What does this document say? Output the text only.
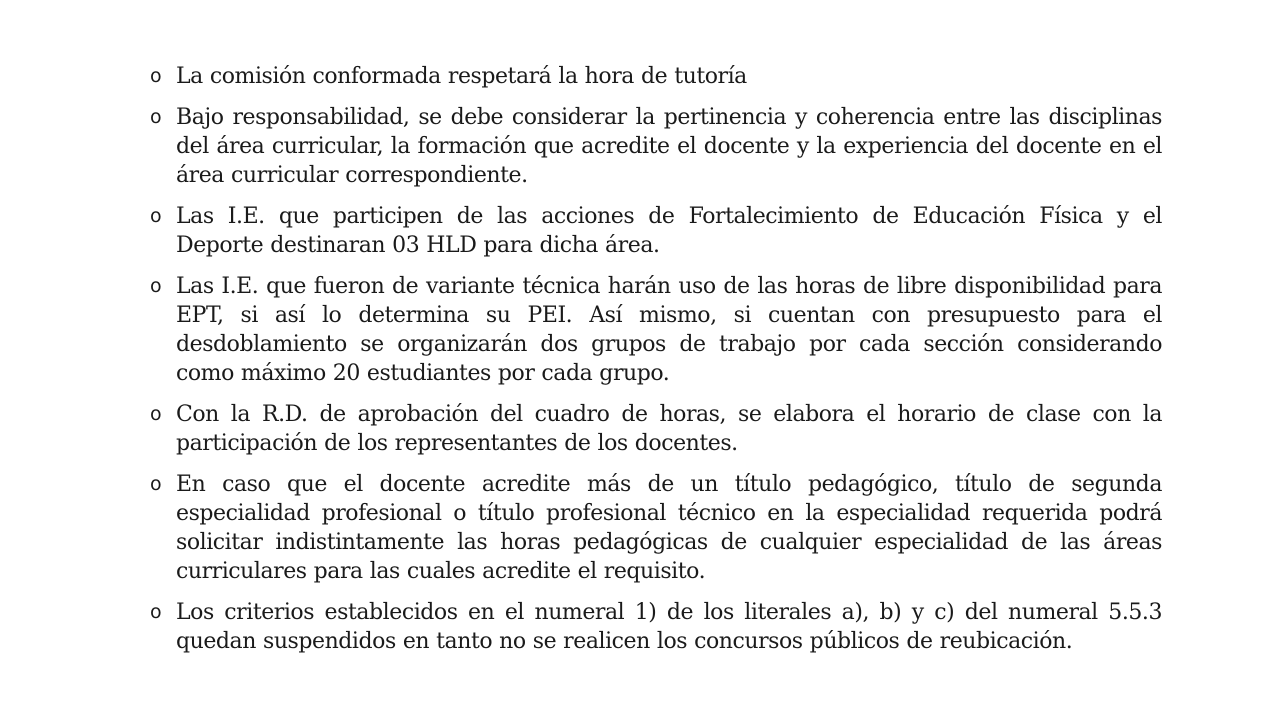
o La comisión conformada respetará la hora de tutoría
o Bajo responsabilidad, se debe considerar la pertinencia y coherencia entre las disciplinas del área curricular, la formación que acredite el docente y la experiencia del docente en el área curricular correspondiente.
o Las I.E. que participen de las acciones de Fortalecimiento de Educación Física y el Deporte destinaran 03 HLD para dicha área.
o Las I.E. que fueron de variante técnica harán uso de las horas de libre disponibilidad para EPT, si así lo determina su PEI. Así mismo, si cuentan con presupuesto para el desdoblamiento se organizarán dos grupos de trabajo por cada sección considerando como máximo 20 estudiantes por cada grupo.
o Con la R.D. de aprobación del cuadro de horas, se elabora el horario de clase con la participación de los representantes de los docentes.
o En caso que el docente acredite más de un título pedagógico, título de segunda especialidad profesional o título profesional técnico en la especialidad requerida podrá solicitar indistintamente las horas pedagógicas de cualquier especialidad de las áreas curriculares para las cuales acredite el requisito.
o Los criterios establecidos en el numeral 1) de los literales a), b) y c) del numeral 5.5.3 quedan suspendidos en tanto no se realicen los concursos públicos de reubicación.
